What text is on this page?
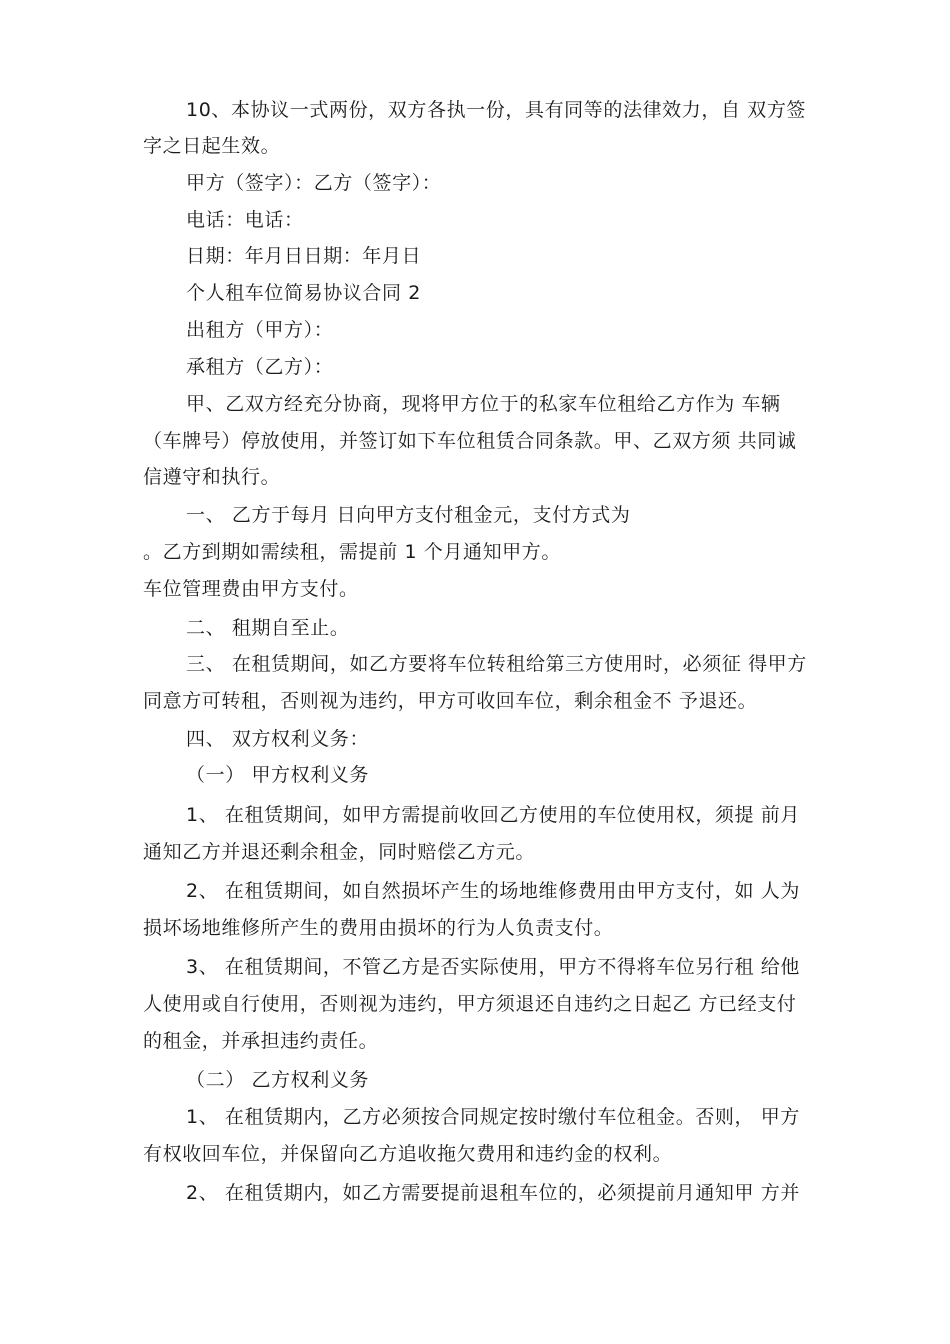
10、本协议一式两份，双方各执一份，具有同等的法律效力，自 双方签
字之日起生效。
甲方（签字）：乙方（签字）：
电话：电话：
日期：年月日日期：年月日
个人租车位简易协议合同 2
出租方（甲方）：
承租方（乙方）：
甲、乙双方经充分协商，现将甲方位于的私家车位租给乙方作为 车辆
（车牌号）停放使用，并签订如下车位租赁合同条款。甲、乙双方须 共同诚
信遵守和执行。
一、 乙方于每月 日向甲方支付租金元，支付方式为
。乙方到期如需续租，需提前 1 个月通知甲方。
车位管理费由甲方支付。
二、 租期自至止。
三、 在租赁期间，如乙方要将车位转租给第三方使用时，必须征 得甲方
同意方可转租，否则视为违约，甲方可收回车位，剩余租金不 予退还。
四、 双方权利义务：
（一） 甲方权利义务
1、 在租赁期间，如甲方需提前收回乙方使用的车位使用权，须提 前月
通知乙方并退还剩余租金，同时赔偿乙方元。
2、 在租赁期间，如自然损坏产生的场地维修费用由甲方支付，如 人为
损坏场地维修所产生的费用由损坏的行为人负责支付。
3、 在租赁期间，不管乙方是否实际使用，甲方不得将车位另行租 给他
人使用或自行使用，否则视为违约，甲方须退还自违约之日起乙 方已经支付
的租金，并承担违约责任。
（二） 乙方权利义务
1、 在租赁期内，乙方必须按合同规定按时缴付车位租金。否则， 甲方
有权收回车位，并保留向乙方追收拖欠费用和违约金的权利。
2、 在租赁期内，如乙方需要提前退租车位的，必须提前月通知甲 方并
